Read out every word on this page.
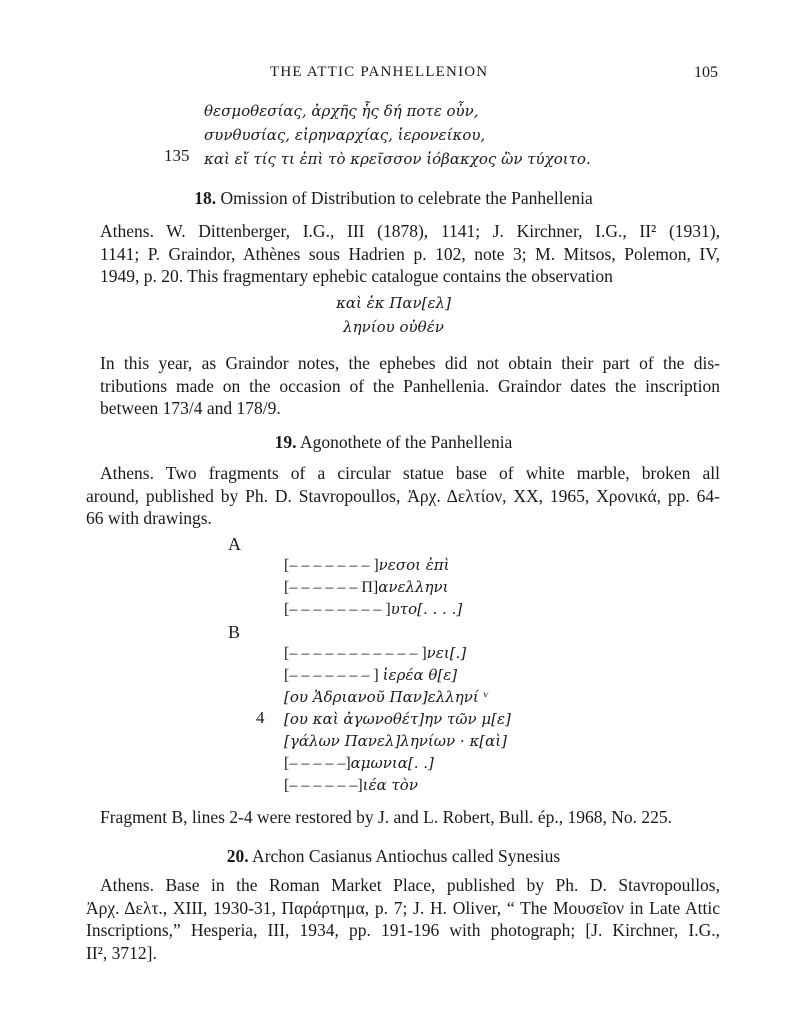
THE ATTIC PANHELLENION	105
θεσμοθεσίας, ἀρχῆς ἧς δή ποτε οὖν,
συνθυσίας, εἰρηναρχίας, ἱερονείκου,
135 καὶ εἴ τίς τι ἐπὶ τὸ κρεῖσσον ἰόβακχος ὢν τύχοιτο.
18. Omission of Distribution to celebrate the Panhellenia
Athens. W. Dittenberger, I.G., III (1878), 1141; J. Kirchner, I.G., II² (1931),
1141; P. Graindor, Athènes sous Hadrien p. 102, note 3; M. Mitsos, Polemon, IV,
1949, p. 20. This fragmentary ephebic catalogue contains the observation
καὶ ἐκ Παν[ελ]
ληνίου οὐθέν
In this year, as Graindor notes, the ephebes did not obtain their part of the dis-
tributions made on the occasion of the Panhellenia. Graindor dates the inscription
between 173/4 and 178/9.
19. Agonothete of the Panhellenia
Athens. Two fragments of a circular statue base of white marble, broken all
around, published by Ph. D. Stavropoullos, Ἀρχ. Δελτίον, XX, 1965, Χρονικά, pp. 64-
66 with drawings.
A
[– – – – – – – ]νεσοι ἐπὶ
[– – – – – – Π]ανελληνι
[– – – – – – – – ]υτο[. . . .]
B
[– – – – – – – – – – – ]νει[.]
[– – – – – – – ] ἱερέα θ[ε]
[ου Ἁδριανοῦ Παν]ελληνί ᵛ
4 [ου καὶ ἀγωνοθέτ]ην τῶν μ[ε]
[γάλων Πανελ]ληνίων · κ[αὶ]
[– – – – –]αμωνια[. .]
[– – – – – –]ιέα τὸν
Fragment B, lines 2-4 were restored by J. and L. Robert, Bull. ép., 1968, No. 225.
20. Archon Casianus Antiochus called Synesius
Athens. Base in the Roman Market Place, published by Ph. D. Stavropoullos,
Ἀρχ. Δελτ., XIII, 1930-31, Παράρτημα, p. 7; J. H. Oliver, “ The Μουσεῖον in Late Attic
Inscriptions,” Hesperia, III, 1934, pp. 191-196 with photograph; [J. Kirchner, I.G.,
II², 3712].
